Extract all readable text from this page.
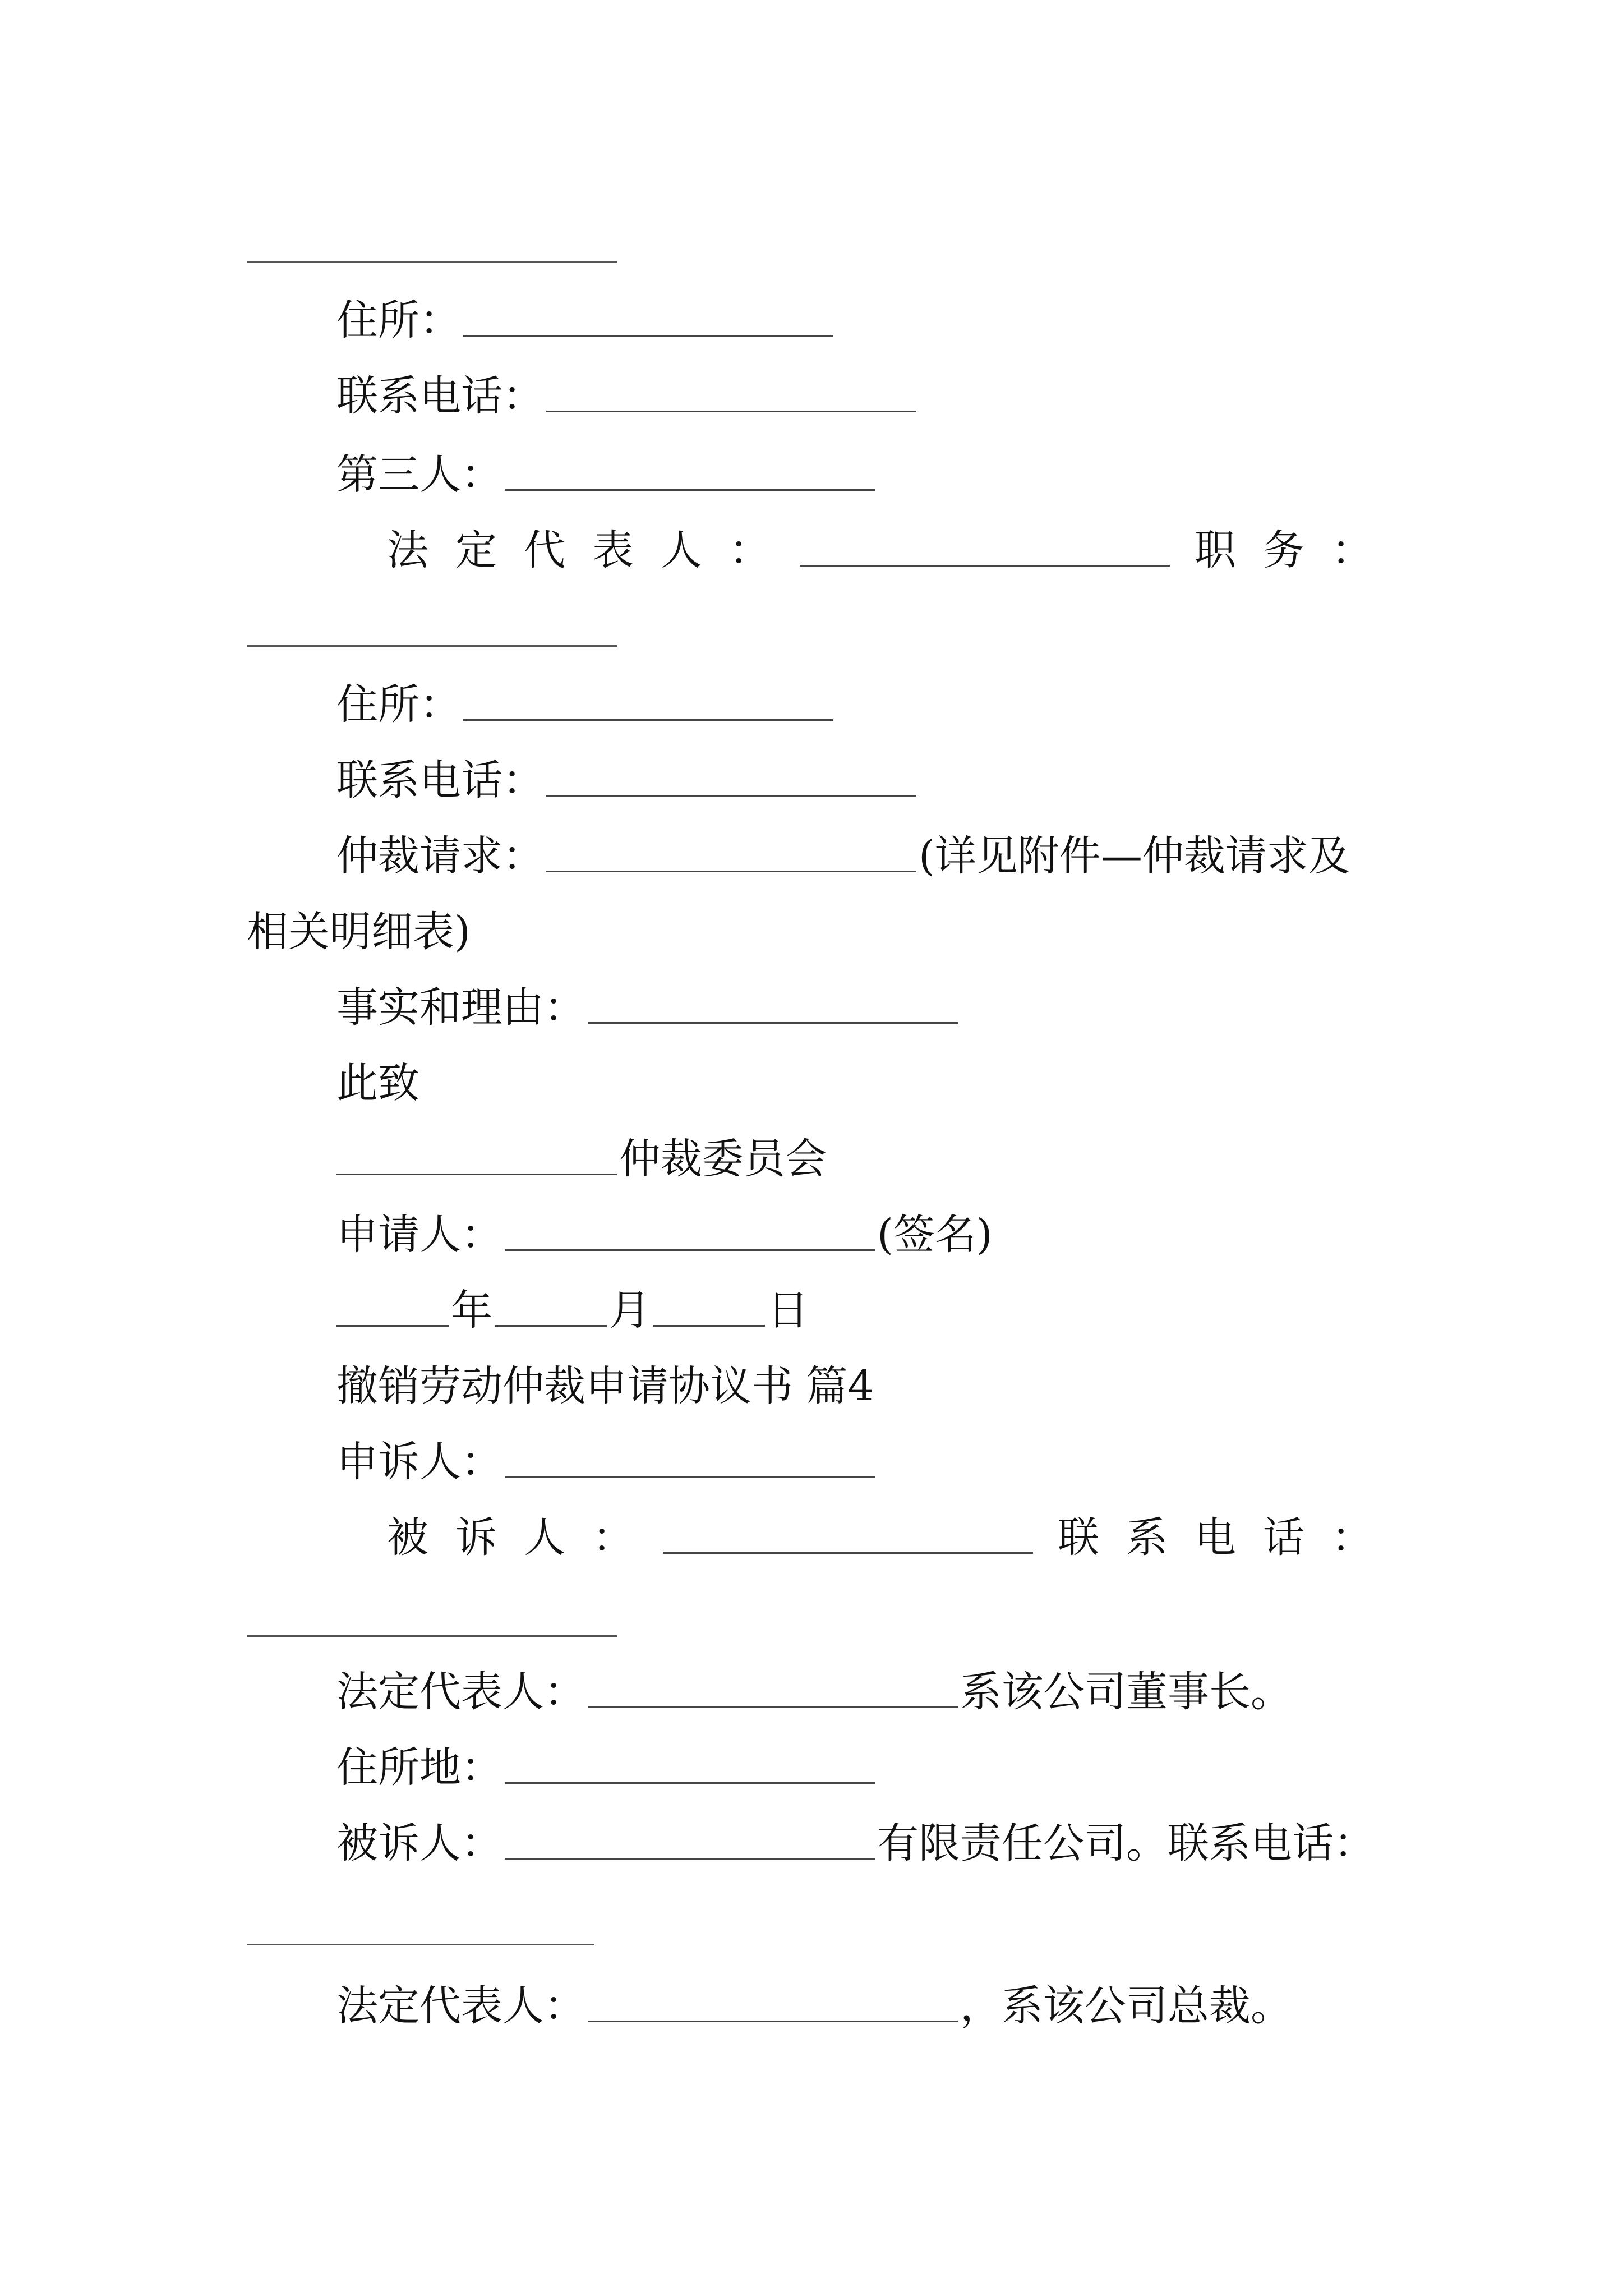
住所：
联系电话：
第三人：
法定代表人：	职务：
住所：
联系电话：
仲裁请求：	(详见附件—仲裁请求及
相关明细表)
事实和理由：
此致
仲裁委员会
申请人：	(签名)
年	月	日
撤销劳动仲裁申请协议书 篇4
申诉人：
被诉人：	联系电话：
法定代表人：	系该公司董事长。
住所地：
被诉人：	有限责任公司。联系电话：
法定代表人：	，系该公司总裁。
